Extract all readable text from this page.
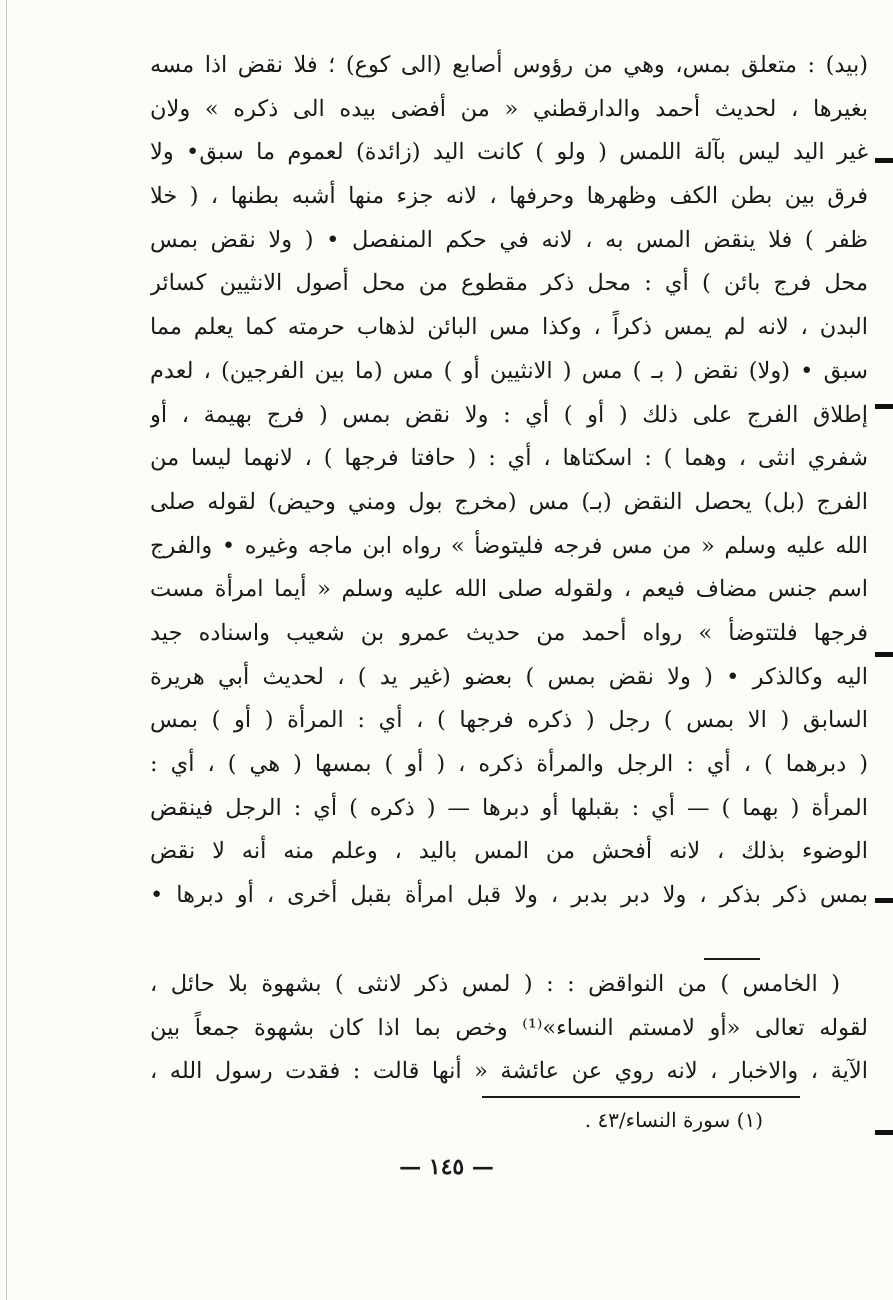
(بيد) : متعلق بمس، وهي من رؤوس أصابع (الى كوع) ؛ فلا نقض اذا مسه
بغيرها ، لحديث أحمد والدارقطني « من أفضى بيده الى ذكره » ولان
غير اليد ليس بآلة اللمس ( ولو ) كانت اليد (زائدة) لعموم ما سبق• ولا
فرق بين بطن الكف وظهرها وحرفها ، لانه جزء منها أشبه بطنها ، ( خلا
ظفر ) فلا ينقض المس به ، لانه في حكم المنفصل • ( ولا نقض بمس
محل فرج بائن ) أي : محل ذكر مقطوع من محل أصول الانثيين كسائر
البدن ، لانه لم يمس ذكراً ، وكذا مس البائن لذهاب حرمته كما يعلم مما
سبق • (ولا) نقض ( بـ ) مس ( الانثيين أو ) مس (ما بين الفرجين) ، لعدم
إطلاق الفرج على ذلك ( أو ) أي : ولا نقض بمس ( فرج بهيمة ، أو
شفري انثى ، وهما ) : اسكتاها ، أي : ( حافتا فرجها ) ، لانهما ليسا من
الفرج (بل) يحصل النقض (بـ) مس (مخرج بول ومني وحيض) لقوله صلى
الله عليه وسلم « من مس فرجه فليتوضأ » رواه ابن ماجه وغيره • والفرج
اسم جنس مضاف فيعم ، ولقوله صلى الله عليه وسلم « أيما امرأة مست
فرجها فلتتوضأ » رواه أحمد من حديث عمرو بن شعيب واسناده جيد
اليه وكالذكر • ( ولا نقض بمس ) بعضو (غير يد ) ، لحديث أبي هريرة
السابق ( الا بمس ) رجل ( ذكره فرجها ) ، أي : المرأة ( أو ) بمس
( دبرهما ) ، أي : الرجل والمرأة ذكره ، ( أو ) بمسها ( هي ) ، أي :
المرأة ( بهما ) — أي : بقبلها أو دبرها — ( ذكره ) أي : الرجل فينقض
الوضوء بذلك ، لانه أفحش من المس باليد ، وعلم منه أنه لا نقض
بمس ذكر بذكر ، ولا دبر بدبر ، ولا قبل امرأة بقبل أخرى ، أو دبرها •
( الخامس ) من النواقض : : ( لمس ذكر لانثى ) بشهوة بلا حائل ،
لقوله تعالى «أو لامستم النساء»⁽¹⁾ وخص بما اذا كان بشهوة جمعاً بين
الآية ، والاخبار ، لانه روي عن عائشة « أنها قالت : فقدت رسول الله ،
(١) سورة النساء/٤٣ .
— ١٤٥ —
